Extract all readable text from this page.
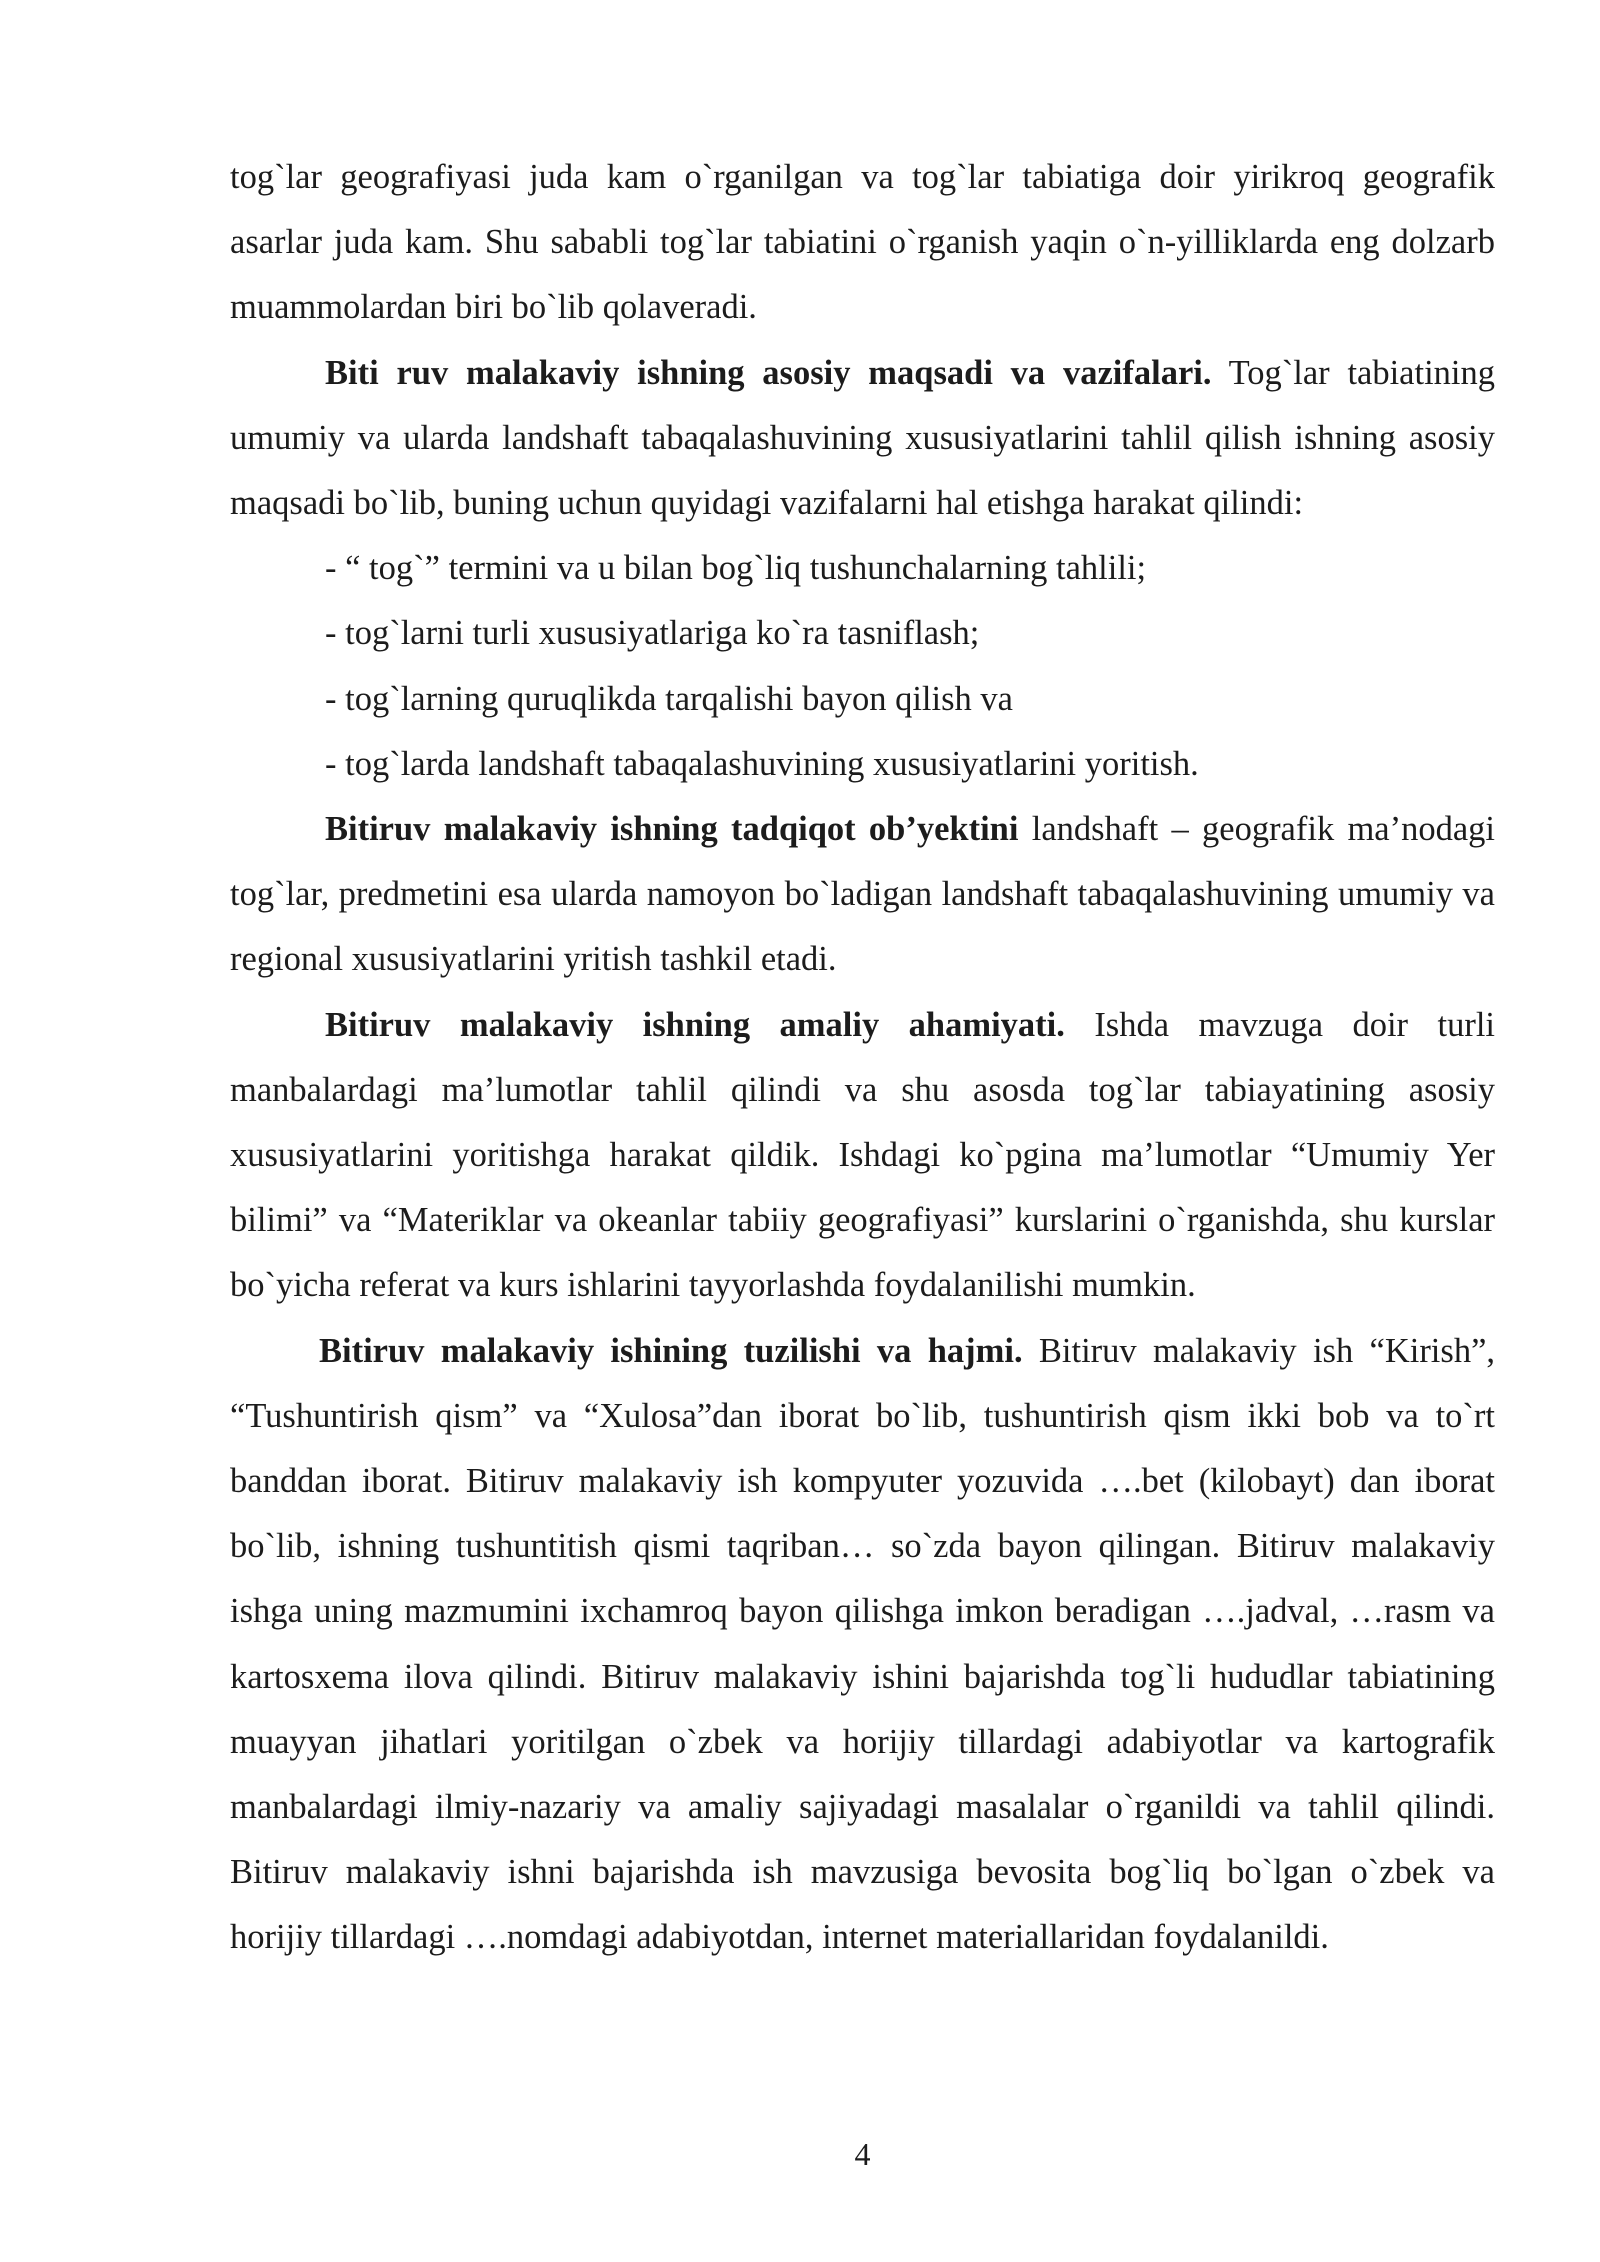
tog`lar geografiyasi juda kam o`rganilgan va tog`lar tabiatiga doir yirikroq geografik asarlar juda kam. Shu sababli tog`lar tabiatini o`rganish yaqin o`n-yilliklarda eng dolzarb muammolardan biri bo`lib qolaveradi.

Biti ruv malakaviy ishning asosiy maqsadi va vazifalari. Tog`lar tabiatining umumiy va ularda landshaft tabaqalashuvining xususiyatlarini tahlil qilish ishning asosiy maqsadi bo`lib, buning uchun quyidagi vazifalarni hal etishga harakat qilindi:

- “ tog`” termini va u bilan bog`liq tushunchalarning tahlili;
- tog`larni turli xususiyatlariga ko`ra tasniflash;
- tog`larning quruqlikda tarqalishi bayon qilish va
- tog`larda landshaft tabaqalashuvining xususiyatlarini yoritish.

Bitiruv malakaviy ishning tadqiqot ob’yektini landshaft – geografik ma’nodagi tog`lar, predmetini esa ularda namoyon bo`ladigan landshaft tabaqalashuvining umumiy va regional xususiyatlarini yritish tashkil etadi.

Bitiruv malakaviy ishning amaliy ahamiyati. Ishda mavzuga doir turli manbalardagi ma’lumotlar tahlil qilindi va shu asosda tog`lar tabiayatining asosiy xususiyatlarini yoritishga harakat qildik. Ishdagi ko`pgina ma’lumotlar “Umumiy Yer bilimi” va “Materiklar va okeanlar tabiiy geografiyasi” kurslarini o`rganishda, shu kurslar bo`yicha referat va kurs ishlarini tayyorlashda foydalanilishi mumkin.

Bitiruv malakaviy ishining tuzilishi va hajmi. Bitiruv malakaviy ish “Kirish”, “Tushuntirish qism” va “Xulosa”dan iborat bo`lib, tushuntirish qism ikki bob va to`rt banddan iborat. Bitiruv malakaviy ish kompyuter yozuvida ….bet (kilobayt) dan iborat bo`lib, ishning tushuntitish qismi taqriban… so`zda bayon qilingan. Bitiruv malakaviy ishga uning mazmumini ixchamroq bayon qilishga imkon beradigan ….jadval, …rasm va kartosxema ilova qilindi. Bitiruv malakaviy ishini bajarishda tog`li hududlar tabiatining muayyan jihatlari yoritilgan o`zbek va horijiy tillardagi adabiyotlar va kartografik manbalardagi ilmiy-nazariy va amaliy sajiyadagi masalalar o`rganildi va tahlil qilindi. Bitiruv malakaviy ishni bajarishda ish mavzusiga bevosita bog`liq bo`lgan o`zbek va horijiy tillardagi ….nomdagi adabiyotdan, internet materiallaridan foydalanildi.

4
